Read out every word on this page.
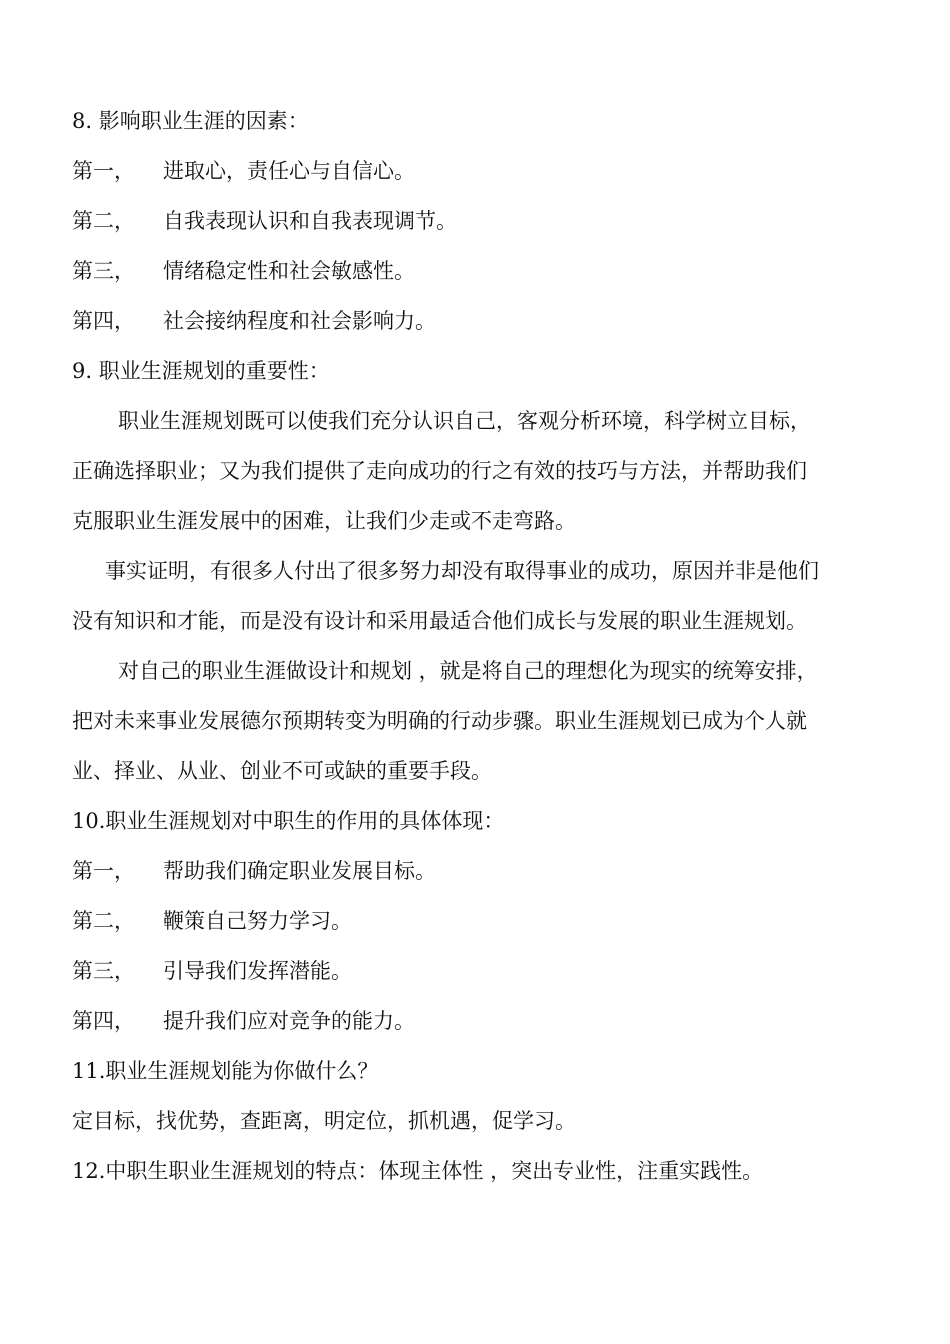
8. 影响职业生涯的因素：
第一， 进取心，责任心与自信心。
第二， 自我表现认识和自我表现调节。
第三， 情绪稳定性和社会敏感性。
第四， 社会接纳程度和社会影响力。
9. 职业生涯规划的重要性：
职业生涯规划既可以使我们充分认识自己，客观分析环境，科学树立目标，
正确选择职业；又为我们提供了走向成功的行之有效的技巧与方法，并帮助我们
克服职业生涯发展中的困难，让我们少走或不走弯路。
事实证明，有很多人付出了很多努力却没有取得事业的成功，原因并非是他们
没有知识和才能，而是没有设计和采用最适合他们成长与发展的职业生涯规划。
对自己的职业生涯做设计和规划 ，就是将自己的理想化为现实的统筹安排，
把对未来事业发展德尔预期转变为明确的行动步骤。职业生涯规划已成为个人就
业、择业、从业、创业不可或缺的重要手段。
10.职业生涯规划对中职生的作用的具体体现：
第一， 帮助我们确定职业发展目标。
第二， 鞭策自己努力学习。
第三， 引导我们发挥潜能。
第四， 提升我们应对竞争的能力。
11.职业生涯规划能为你做什么？
定目标，找优势，查距离，明定位，抓机遇，促学习。
12.中职生职业生涯规划的特点：体现主体性 ，突出专业性，注重实践性。
